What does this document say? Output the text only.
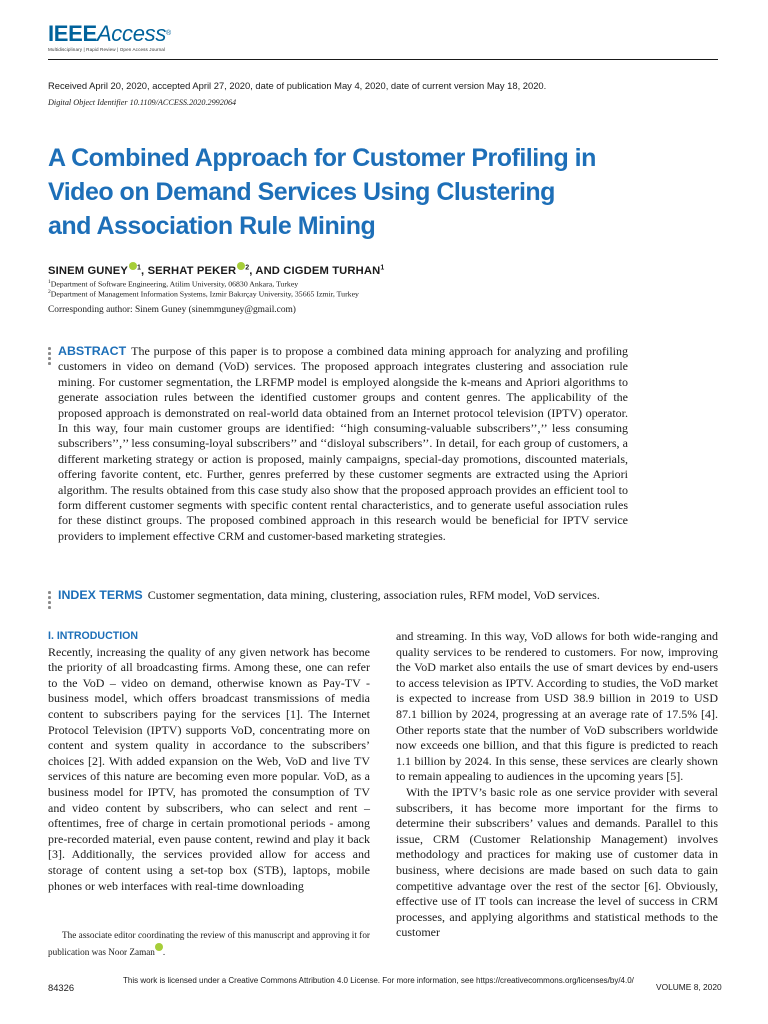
IEEEAccess®
Multidisciplinary | Rapid Review | Open Access Journal
Received April 20, 2020, accepted April 27, 2020, date of publication May 4, 2020, date of current version May 18, 2020.
Digital Object Identifier 10.1109/ACCESS.2020.2992064
A Combined Approach for Customer Profiling in
Video on Demand Services Using Clustering
and Association Rule Mining
SINEM GUNEY $^1$, SERHAT PEKER $^2$, AND CIGDEM TURHAN$^1$
$^1$Department of Software Engineering, Atilim University, 06830 Ankara, Turkey
$^2$Department of Management Information Systems, Izmir Bakırçay University, 35665 Izmir, Turkey
Corresponding author: Sinem Guney (sinemmguney@gmail.com)
ABSTRACT The purpose of this paper is to propose a combined data mining approach for analyzing and profiling customers in video on demand (VoD) services. The proposed approach integrates clustering and association rule mining. For customer segmentation, the LRFMP model is employed alongside the k-means and Apriori algorithms to generate association rules between the identified customer groups and content genres. The applicability of the proposed approach is demonstrated on real-world data obtained from an Internet protocol television (IPTV) operator. In this way, four main customer groups are identified: ‘‘high consuming-valuable subscribers’’,’’ less consuming subscribers’’,’’ less consuming-loyal subscribers’’ and ‘‘disloyal subscribers’’. In detail, for each group of customers, a different marketing strategy or action is proposed, mainly campaigns, special-day promotions, discounted materials, offering favorite content, etc. Further, genres preferred by these customer segments are extracted using the Apriori algorithm. The results obtained from this case study also show that the proposed approach provides an efficient tool to form different customer segments with specific content rental characteristics, and to generate useful association rules for these distinct groups. The proposed combined approach in this research would be beneficial for IPTV service providers to implement effective CRM and customer-based marketing strategies.
INDEX TERMS Customer segmentation, data mining, clustering, association rules, RFM model, VoD services.
I. INTRODUCTION

Recently, increasing the quality of any given network has become the priority of all broadcasting firms. Among these, one can refer to the VoD – video on demand, otherwise known as Pay-TV - business model, which offers broadcast transmissions of media content to subscribers paying for the services [1]. The Internet Protocol Television (IPTV) supports VoD, concentrating more on content and system quality in accordance to the subscribers’ choices [2]. With added expansion on the Web, VoD and live TV services of this nature are becoming even more popular. VoD, as a business model for IPTV, has promoted the consumption of TV and video content by subscribers, who can select and rent – oftentimes, free of charge in certain promotional periods - among pre-recorded material, even pause content, rewind and play it back [3]. Additionally, the services provided allow for access and storage of content using a set-top box (STB), laptops, mobile phones or web interfaces with real-time downloading

The associate editor coordinating the review of this manuscript and approving it for publication was Noor Zaman .

and streaming. In this way, VoD allows for both wide-ranging and quality services to be rendered to customers. For now, improving the VoD market also entails the use of smart devices by end-users to access television as IPTV. According to studies, the VoD market is expected to increase from USD 38.9 billion in 2019 to USD 87.1 billion by 2024, progressing at an average rate of 17.5% [4]. Other reports state that the number of VoD subscribers worldwide now exceeds one billion, and that this figure is predicted to reach 1.1 billion by 2024. In this sense, these services are clearly shown to remain appealing to audiences in the upcoming years [5].

With the IPTV’s basic role as one service provider with several subscribers, it has become more important for the firms to determine their subscribers’ values and demands. Parallel to this issue, CRM (Customer Relationship Management) involves methodology and practices for making use of customer data in business, where decisions are made based on such data to gain competitive advantage over the rest of the sector [6]. Obviously, effective use of IT tools can increase the level of success in CRM processes, and applying algorithms and statistical methods to the customer

84326
This work is licensed under a Creative Commons Attribution 4.0 License. For more information, see https://creativecommons.org/licenses/by/4.0/
VOLUME 8, 2020
